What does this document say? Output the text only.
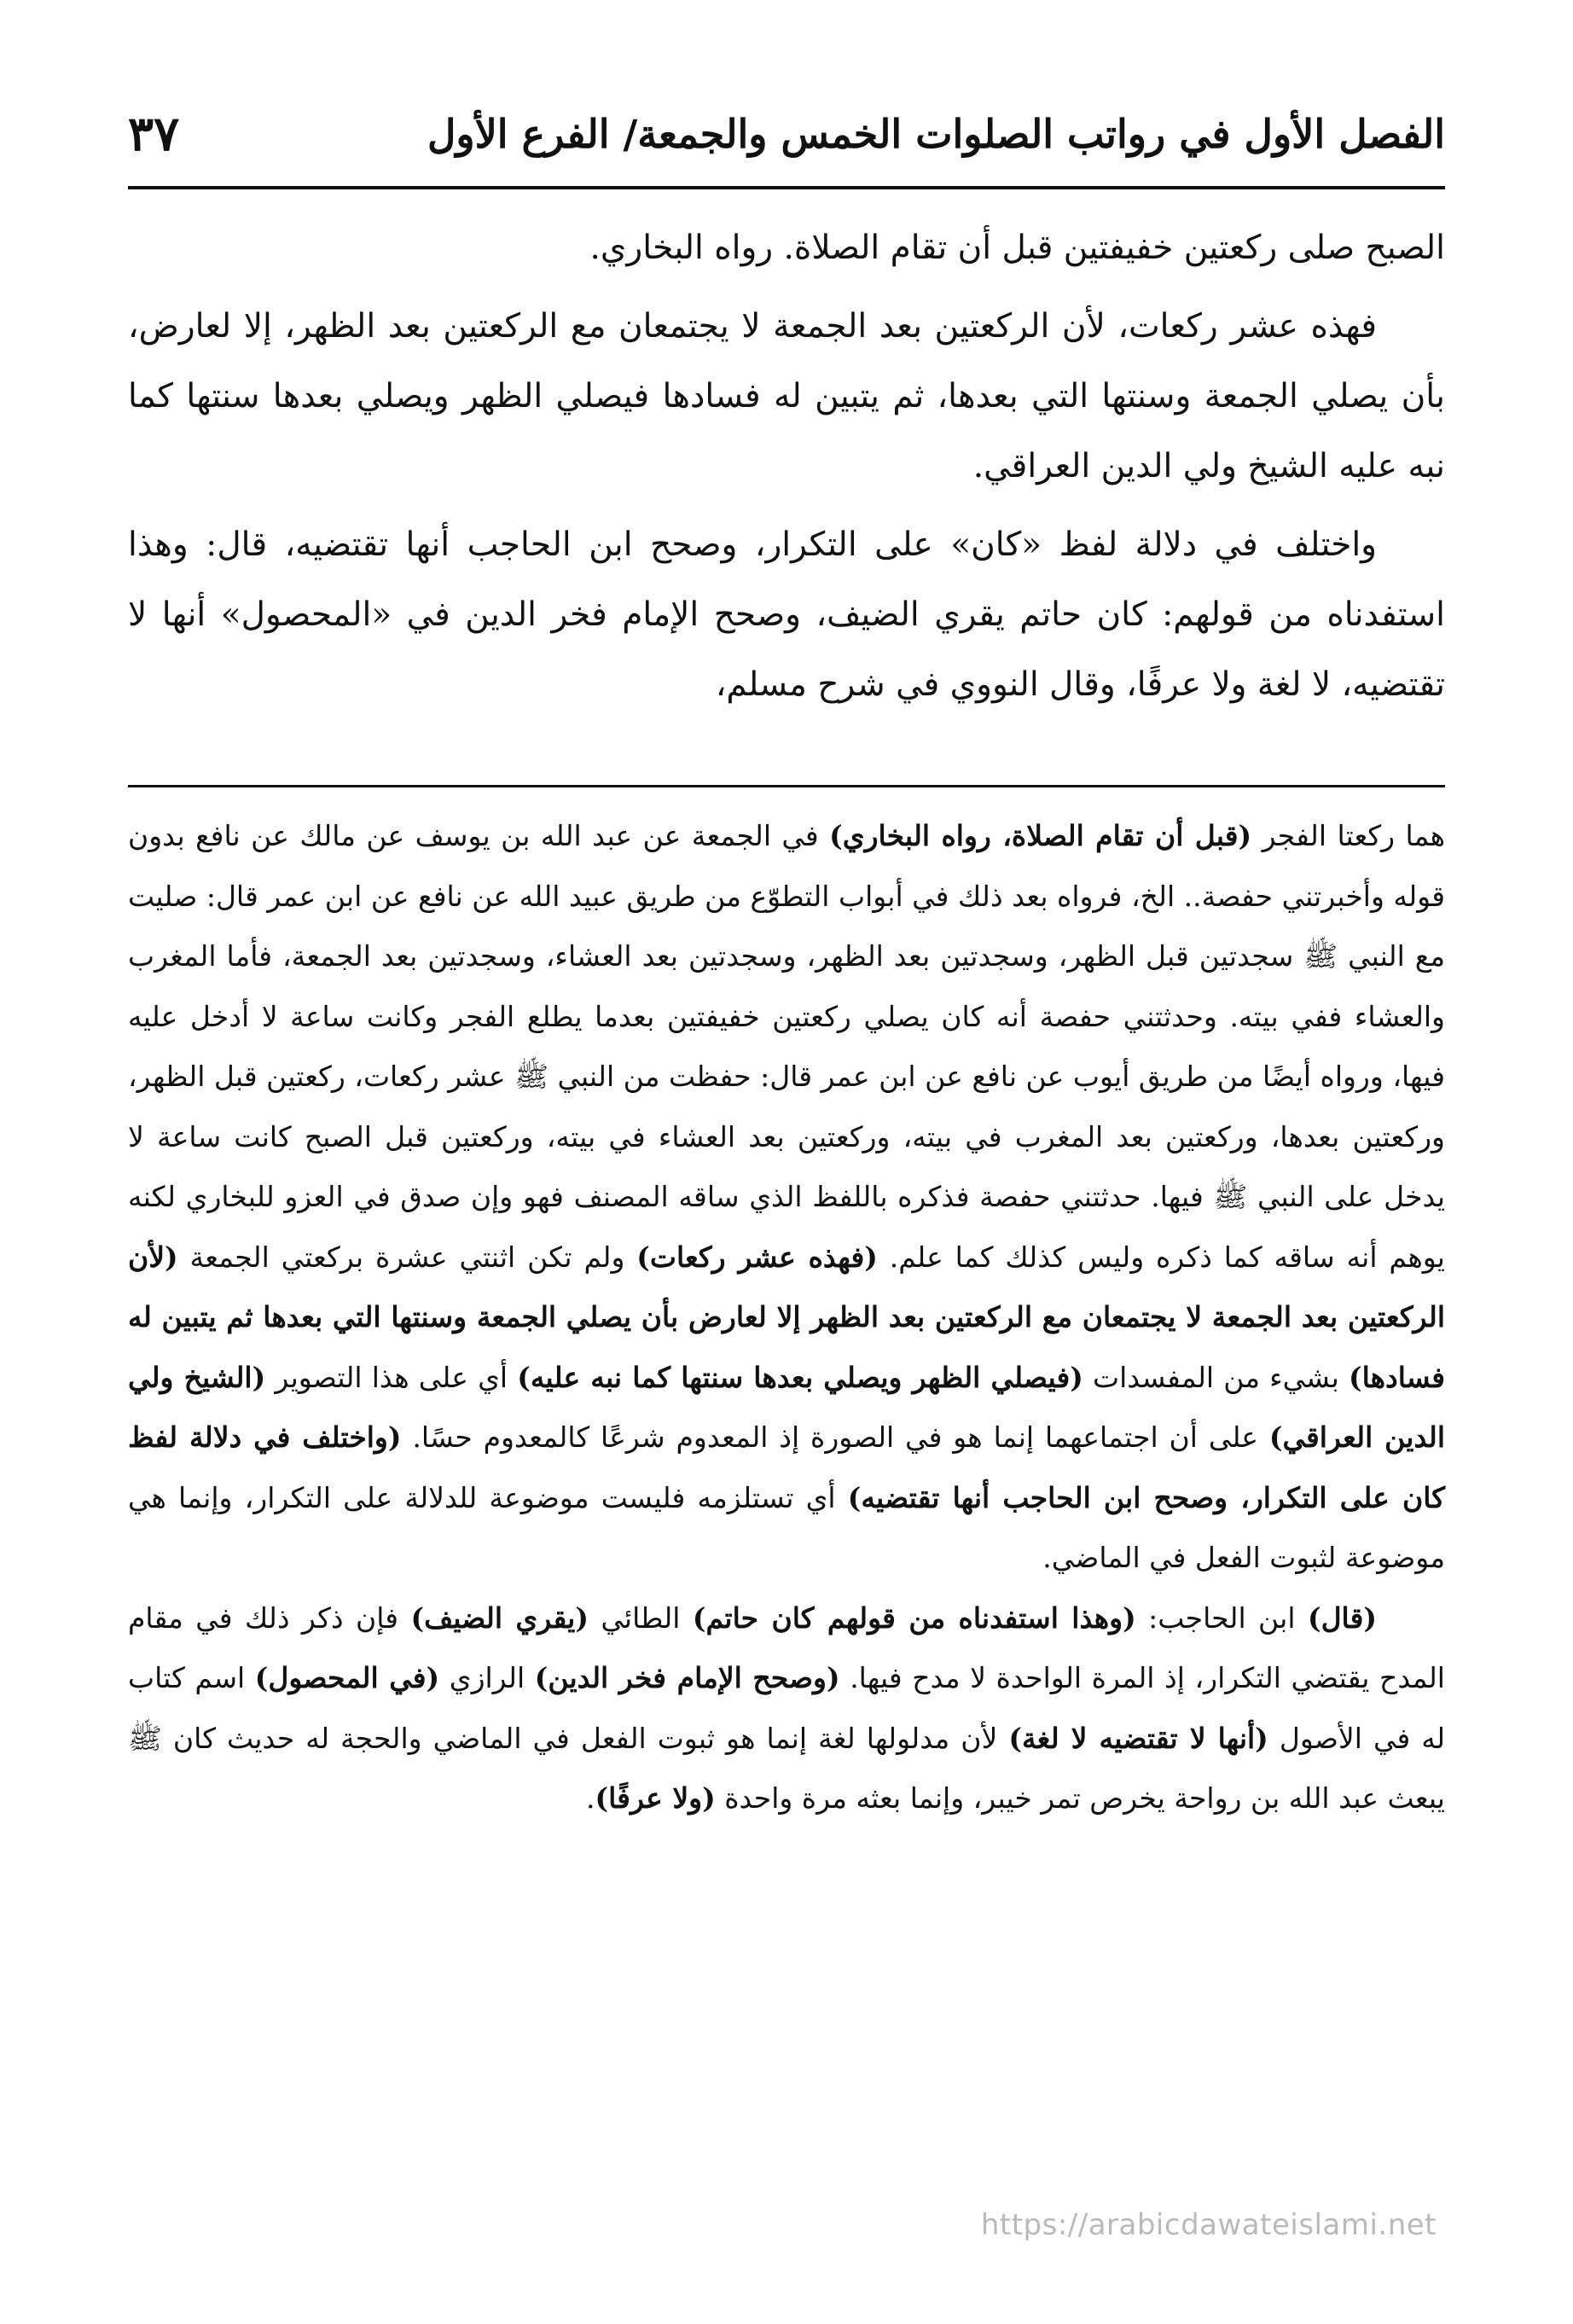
الفصل الأول في رواتب الصلوات الخمس والجمعة/ الفرع الأول
٣٧

الصبح صلى ركعتين خفيفتين قبل أن تقام الصلاة. رواه البخاري.

فهذه عشر ركعات، لأن الركعتين بعد الجمعة لا يجتمعان مع الركعتين بعد الظهر، إلا لعارض، بأن يصلي الجمعة وسنتها التي بعدها، ثم يتبين له فسادها فيصلي الظهر ويصلي بعدها سنتها كما نبه عليه الشيخ ولي الدين العراقي.

واختلف في دلالة لفظ «كان» على التكرار، وصحح ابن الحاجب أنها تقتضيه، قال: وهذا استفدناه من قولهم: كان حاتم يقري الضيف، وصحح الإمام فخر الدين في «المحصول» أنها لا تقتضيه، لا لغة ولا عرفًا، وقال النووي في شرح مسلم،

هما ركعتا الفجر (قبل أن تقام الصلاة، رواه البخاري) في الجمعة عن عبد الله بن يوسف عن مالك عن نافع بدون قوله وأخبرتني حفصة.. الخ، فرواه بعد ذلك في أبواب التطوّع من طريق عبيد الله عن نافع عن ابن عمر قال: صليت مع النبي ﷺ سجدتين قبل الظهر، وسجدتين بعد الظهر، وسجدتين بعد العشاء، وسجدتين بعد الجمعة، فأما المغرب والعشاء ففي بيته. وحدثتني حفصة أنه كان يصلي ركعتين خفيفتين بعدما يطلع الفجر وكانت ساعة لا أدخل عليه فيها، ورواه أيضًا من طريق أيوب عن نافع عن ابن عمر قال: حفظت من النبي ﷺ عشر ركعات، ركعتين قبل الظهر، وركعتين بعدها، وركعتين بعد المغرب في بيته، وركعتين بعد العشاء في بيته، وركعتين قبل الصبح كانت ساعة لا يدخل على النبي ﷺ فيها. حدثتني حفصة فذكره باللفظ الذي ساقه المصنف فهو وإن صدق في العزو للبخاري لكنه يوهم أنه ساقه كما ذكره وليس كذلك كما علم. (فهذه عشر ركعات) ولم تكن اثنتي عشرة بركعتي الجمعة (لأن الركعتين بعد الجمعة لا يجتمعان مع الركعتين بعد الظهر إلا لعارض بأن يصلي الجمعة وسنتها التي بعدها ثم يتبين له فسادها) بشيء من المفسدات (فيصلي الظهر ويصلي بعدها سنتها كما نبه عليه) أي على هذا التصوير (الشيخ ولي الدين العراقي) على أن اجتماعهما إنما هو في الصورة إذ المعدوم شرعًا كالمعدوم حسًا. (واختلف في دلالة لفظ كان على التكرار، وصحح ابن الحاجب أنها تقتضيه) أي تستلزمه فليست موضوعة للدلالة على التكرار، وإنما هي موضوعة لثبوت الفعل في الماضي.

(قال) ابن الحاجب: (وهذا استفدناه من قولهم كان حاتم) الطائي (يقري الضيف) فإن ذكر ذلك في مقام المدح يقتضي التكرار، إذ المرة الواحدة لا مدح فيها. (وصحح الإمام فخر الدين) الرازي (في المحصول) اسم كتاب له في الأصول (أنها لا تقتضيه لا لغة) لأن مدلولها لغة إنما هو ثبوت الفعل في الماضي والحجة له حديث كان ﷺ يبعث عبد الله بن رواحة يخرص تمر خيبر، وإنما بعثه مرة واحدة (ولا عرفًا).

https://arabicdawateislami.net
